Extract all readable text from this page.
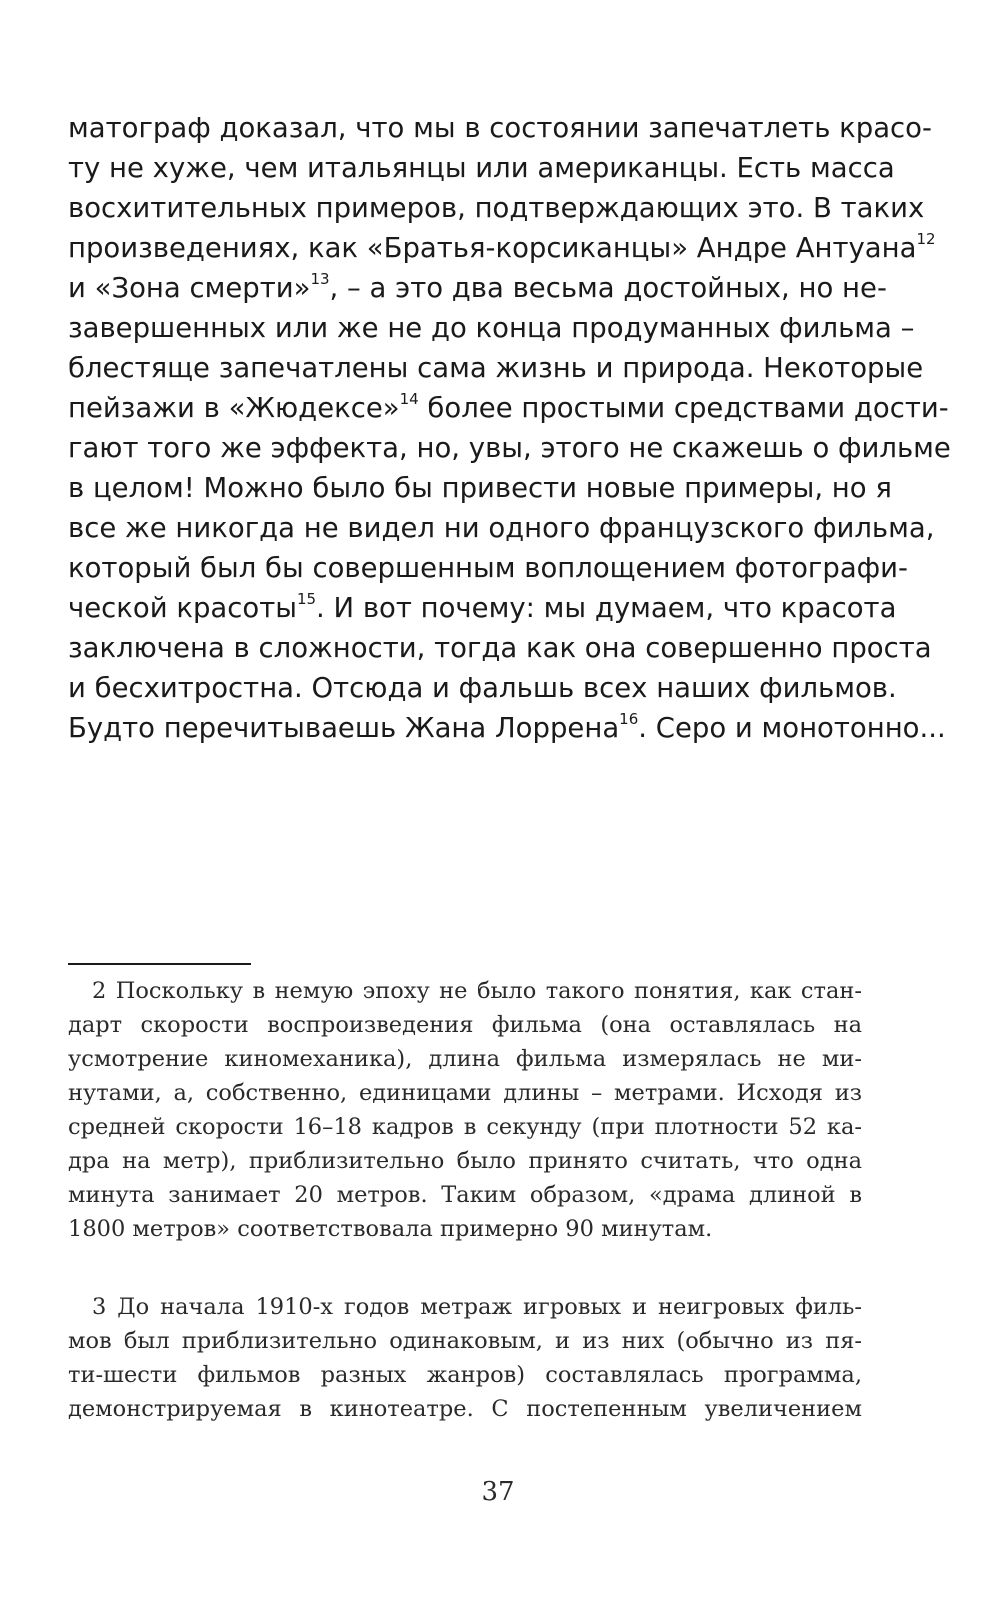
матограф доказал, что мы в состоянии запечатлеть красо-
ту не хуже, чем итальянцы или американцы. Есть масса
восхитительных примеров, подтверждающих это. В таких
произведениях, как «Братья-корсиканцы» Андре Антуана$^{12}$
и «Зона смерти»$^{13}$, – а это два весьма достойных, но не-
завершенных или же не до конца продуманных фильма –
блестяще запечатлены сама жизнь и природа. Некоторые
пейзажи в «Жюдексе»$^{14}$ более простыми средствами дости-
гают того же эффекта, но, увы, этого не скажешь о фильме
в целом! Можно было бы привести новые примеры, но я
все же никогда не видел ни одного французского фильма,
который был бы совершенным воплощением фотографи-
ческой красоты$^{15}$. И вот почему: мы думаем, что красота
заключена в сложности, тогда как она совершенно проста
и бесхитростна. Отсюда и фальшь всех наших фильмов.
Будто перечитываешь Жана Лоррена$^{16}$. Серо и монотонно...
2 Поскольку в немую эпоху не было такого понятия, как стан-
дарт скорости воспроизведения фильма (она оставлялась на
усмотрение киномеханика), длина фильма измерялась не ми-
нутами, а, собственно, единицами длины – метрами. Исходя из
средней скорости 16–18 кадров в секунду (при плотности 52 ка-
дра на метр), приблизительно было принято считать, что одна
минута занимает 20 метров. Таким образом, «драма длиной в
1800 метров» соответствовала примерно 90 минутам.
3 До начала 1910-х годов метраж игровых и неигровых филь-
мов был приблизительно одинаковым, и из них (обычно из пя-
ти-шести фильмов разных жанров) составлялась программа,
демонстрируемая в кинотеатре. С постепенным увеличением
37
